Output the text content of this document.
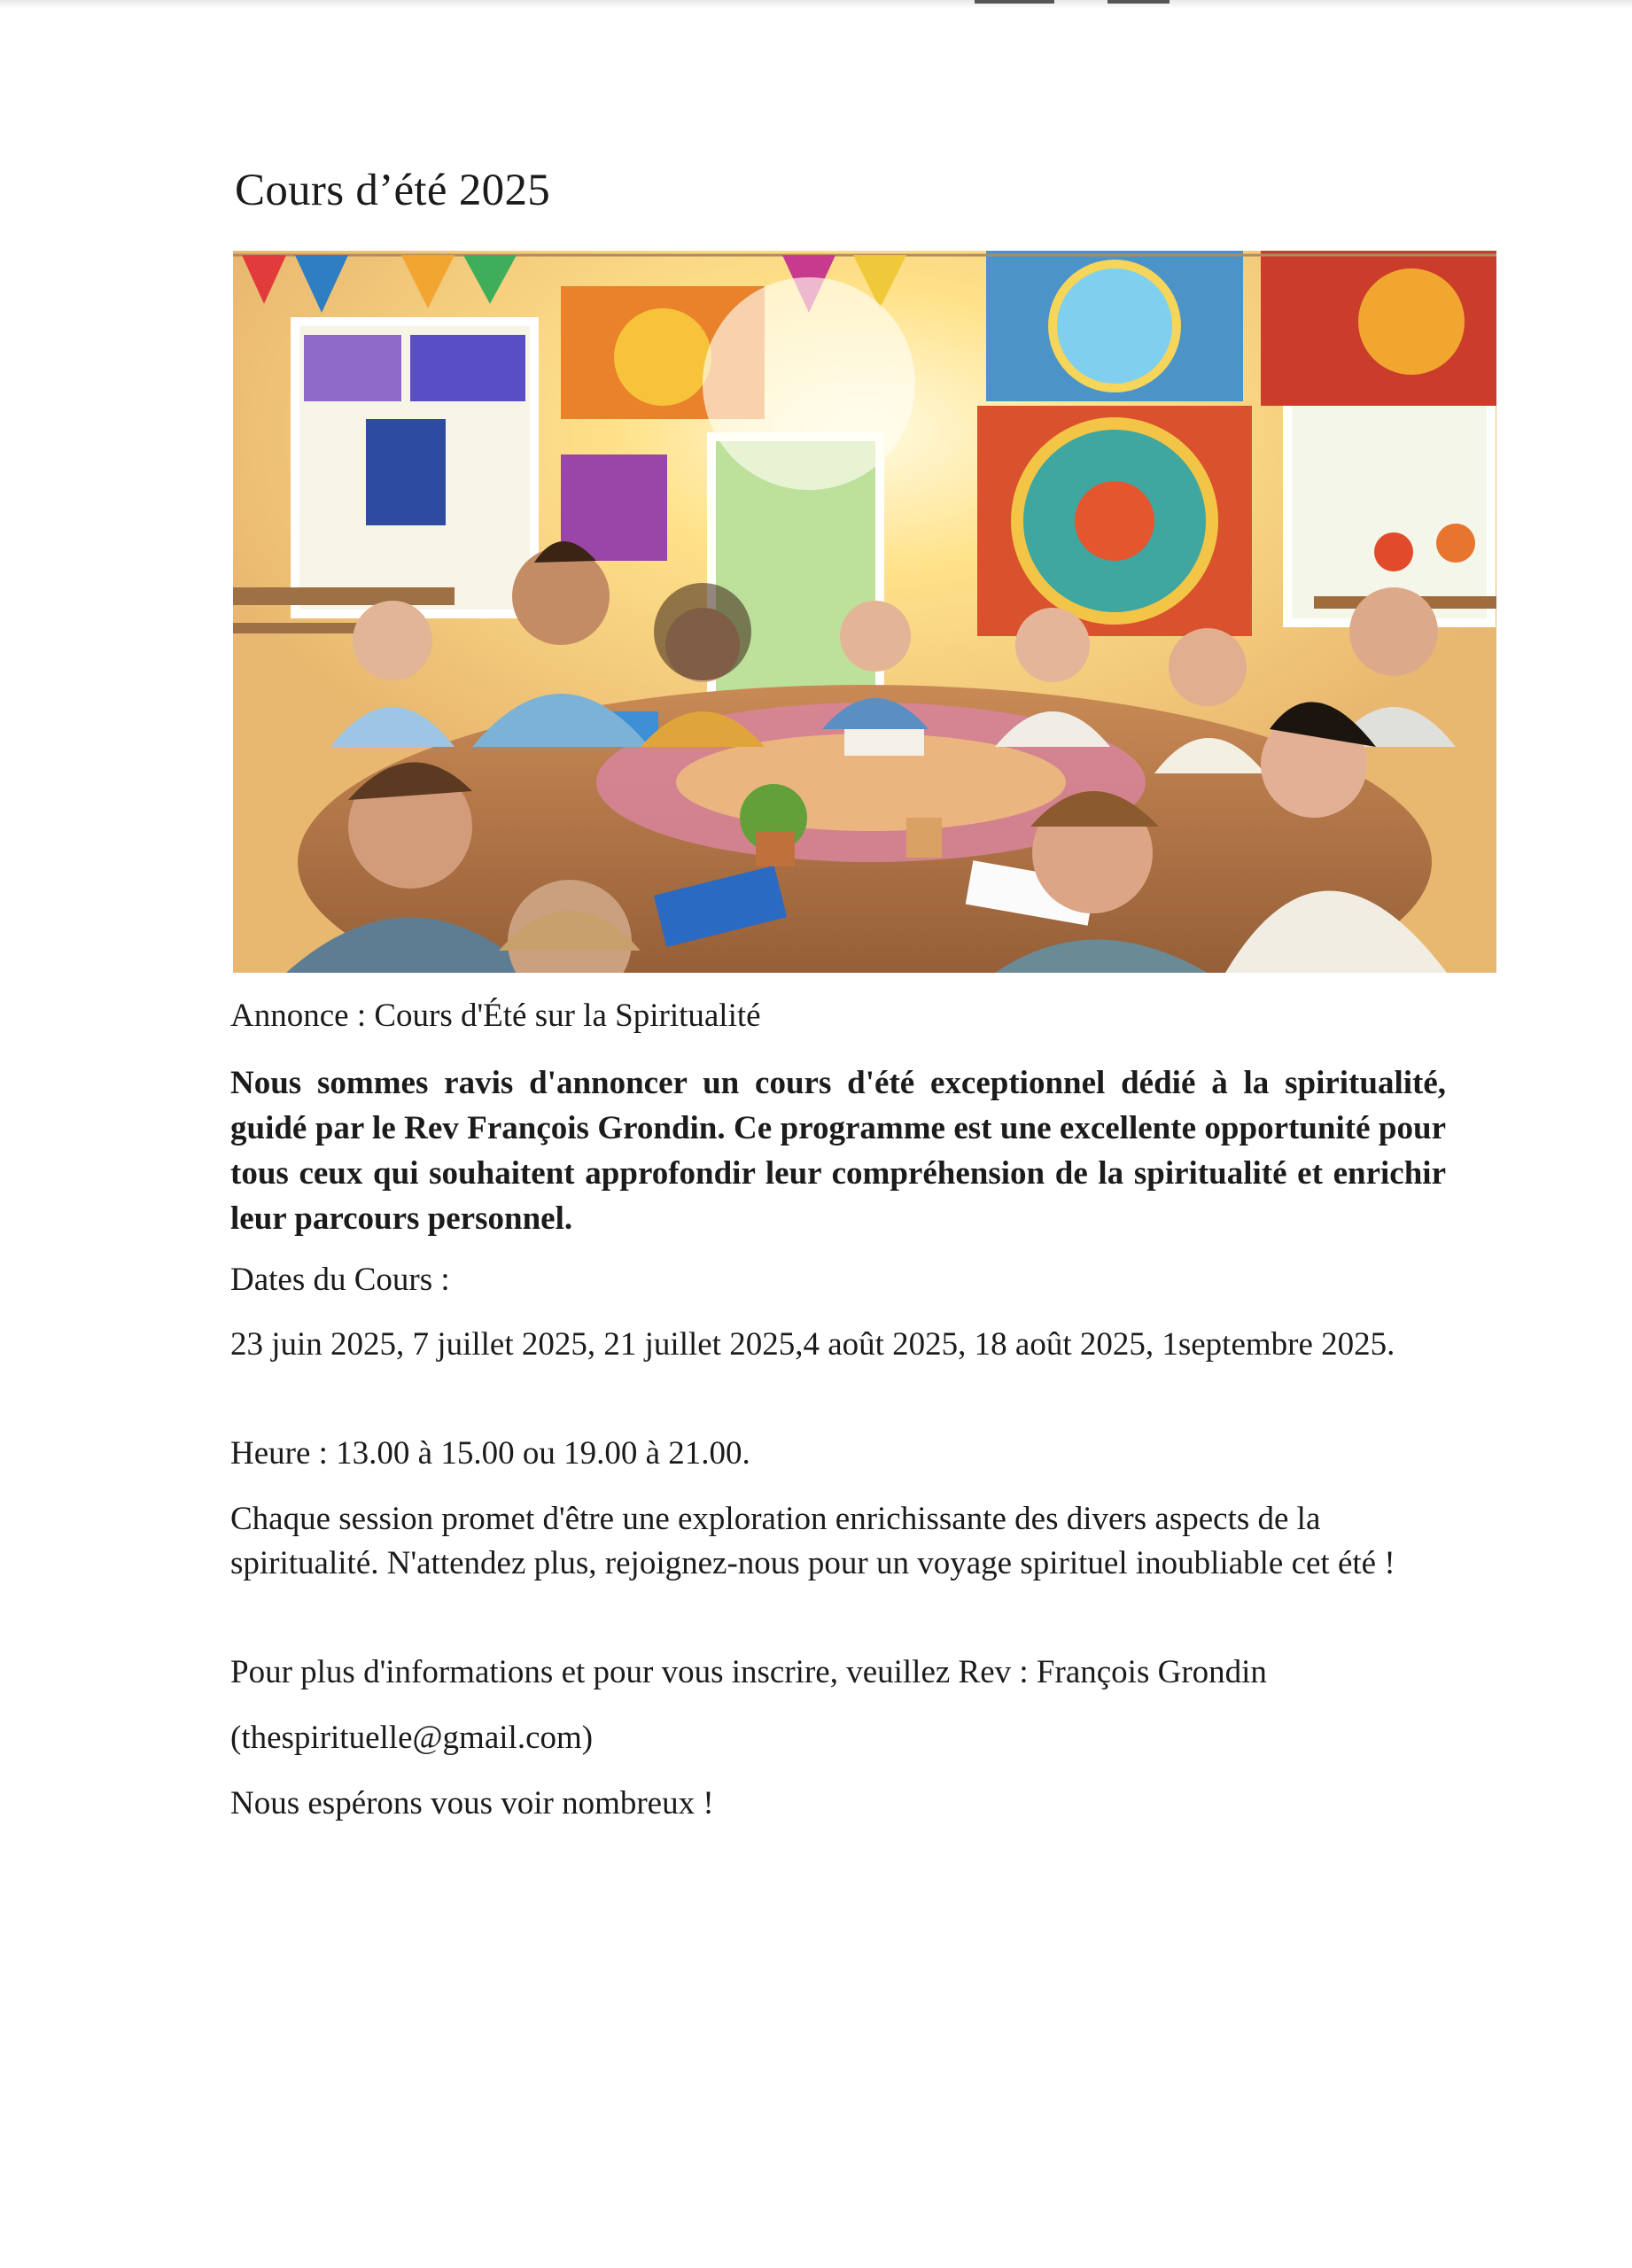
Cours d’été 2025

Annonce : Cours d'Été sur la Spiritualité

Nous sommes ravis d'annoncer un cours d'été exceptionnel dédié à la spiritualité, guidé par le Rev François Grondin. Ce programme est une excellente opportunité pour tous ceux qui souhaitent approfondir leur compréhension de la spiritualité et enrichir leur parcours personnel.

Dates du Cours :

23 juin 2025, 7 juillet 2025, 21 juillet 2025,4 août 2025, 18 août 2025, 1septembre 2025.

Heure : 13.00 à 15.00 ou 19.00 à 21.00.

Chaque session promet d'être une exploration enrichissante des divers aspects de la spiritualité. N'attendez plus, rejoignez-nous pour un voyage spirituel inoubliable cet été !

Pour plus d'informations et pour vous inscrire, veuillez Rev : François Grondin

(thespirituelle@gmail.com)

Nous espérons vous voir nombreux !
